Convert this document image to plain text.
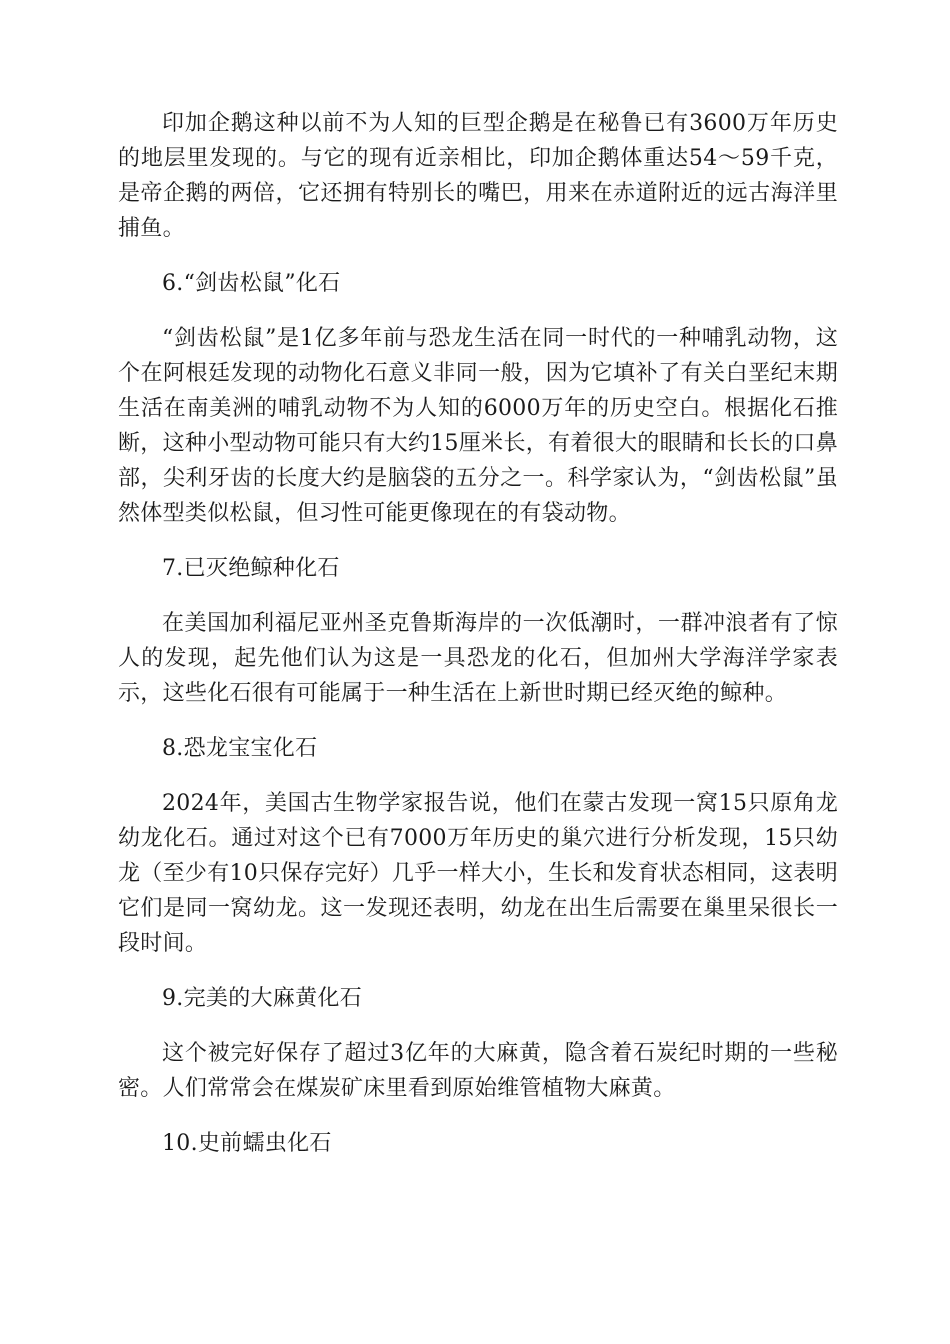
印加企鹅这种以前不为人知的巨型企鹅是在秘鲁已有3600万年历史的地层里发现的。与它的现有近亲相比，印加企鹅体重达54～59千克，是帝企鹅的两倍，它还拥有特别长的嘴巴，用来在赤道附近的远古海洋里捕鱼。

6.“剑齿松鼠”化石

“剑齿松鼠”是1亿多年前与恐龙生活在同一时代的一种哺乳动物，这个在阿根廷发现的动物化石意义非同一般，因为它填补了有关白垩纪末期生活在南美洲的哺乳动物不为人知的6000万年的历史空白。根据化石推断，这种小型动物可能只有大约15厘米长，有着很大的眼睛和长长的口鼻部，尖利牙齿的长度大约是脑袋的五分之一。科学家认为，“剑齿松鼠”虽然体型类似松鼠，但习性可能更像现在的有袋动物。

7.已灭绝鲸种化石

在美国加利福尼亚州圣克鲁斯海岸的一次低潮时，一群冲浪者有了惊人的发现，起先他们认为这是一具恐龙的化石，但加州大学海洋学家表示，这些化石很有可能属于一种生活在上新世时期已经灭绝的鲸种。

8.恐龙宝宝化石

2024年，美国古生物学家报告说，他们在蒙古发现一窝15只原角龙幼龙化石。通过对这个已有7000万年历史的巢穴进行分析发现，15只幼龙（至少有10只保存完好）几乎一样大小，生长和发育状态相同，这表明它们是同一窝幼龙。这一发现还表明，幼龙在出生后需要在巢里呆很长一段时间。

9.完美的大麻黄化石

这个被完好保存了超过3亿年的大麻黄，隐含着石炭纪时期的一些秘密。人们常常会在煤炭矿床里看到原始维管植物大麻黄。

10.史前蠕虫化石
